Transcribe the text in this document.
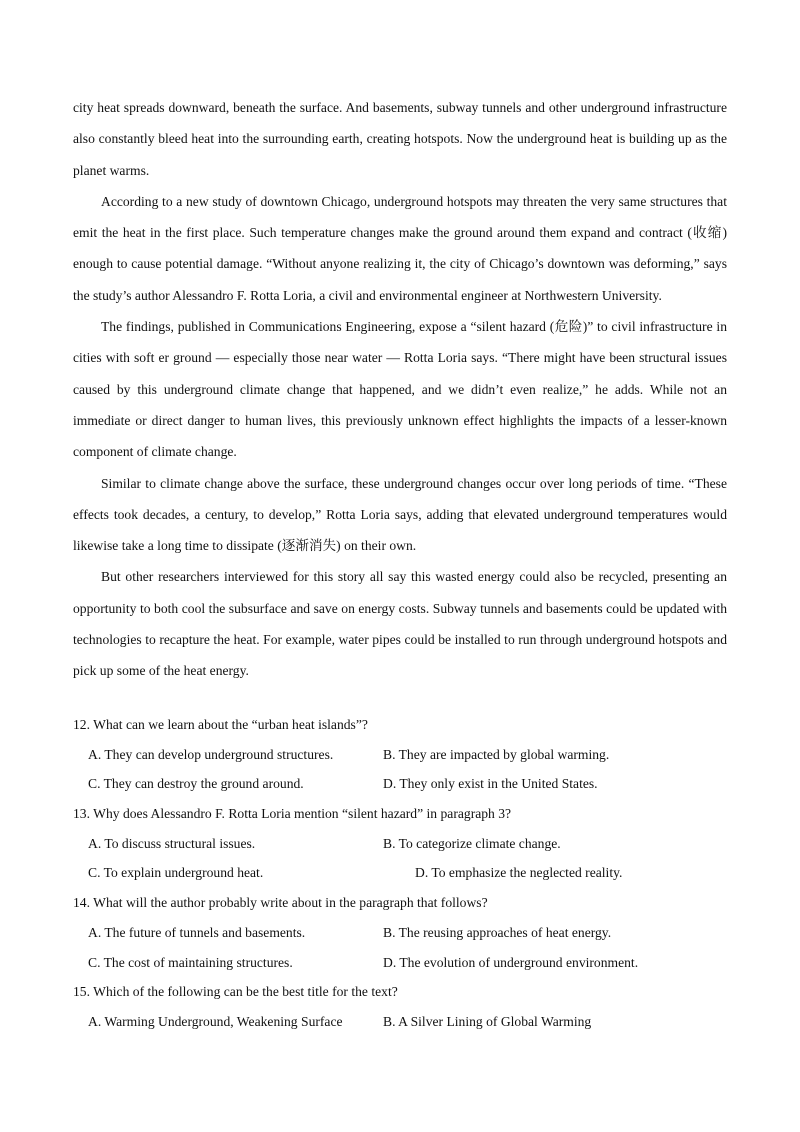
city heat spreads downward, beneath the surface. And basements, subway tunnels and other underground infrastructure also constantly bleed heat into the surrounding earth, creating hotspots. Now the underground heat is building up as the planet warms.

According to a new study of downtown Chicago, underground hotspots may threaten the very same structures that emit the heat in the first place. Such temperature changes make the ground around them expand and contract (收缩) enough to cause potential damage. “Without anyone realizing it, the city of Chicago’s downtown was deforming,” says the study’s author Alessandro F. Rotta Loria, a civil and environmental engineer at Northwestern University.

The findings, published in Communications Engineering, expose a “silent hazard (危险)” to civil infrastructure in cities with soft er ground — especially those near water — Rotta Loria says. “There might have been structural issues caused by this underground climate change that happened, and we didn’t even realize,” he adds. While not an immediate or direct danger to human lives, this previously unknown effect highlights the impacts of a lesser-known component of climate change.

Similar to climate change above the surface, these underground changes occur over long periods of time. “These effects took decades, a century, to develop,” Rotta Loria says, adding that elevated underground temperatures would likewise take a long time to dissipate (逐渐消失) on their own.

But other researchers interviewed for this story all say this wasted energy could also be recycled, presenting an opportunity to both cool the subsurface and save on energy costs. Subway tunnels and basements could be updated with technologies to recapture the heat. For example, water pipes could be installed to run through underground hotspots and pick up some of the heat energy.

12. What can we learn about the “urban heat islands”?
A. They can develop underground structures.	B. They are impacted by global warming.
C. They can destroy the ground around.	D. They only exist in the United States.
13. Why does Alessandro F. Rotta Loria mention “silent hazard” in paragraph 3?
A. To discuss structural issues.	B. To categorize climate change.
C. To explain underground heat.	D. To emphasize the neglected reality.
14. What will the author probably write about in the paragraph that follows?
A. The future of tunnels and basements.	B. The reusing approaches of heat energy.
C. The cost of maintaining structures.	D. The evolution of underground environment.
15. Which of the following can be the best title for the text?
A. Warming Underground, Weakening Surface	B. A Silver Lining of Global Warming
